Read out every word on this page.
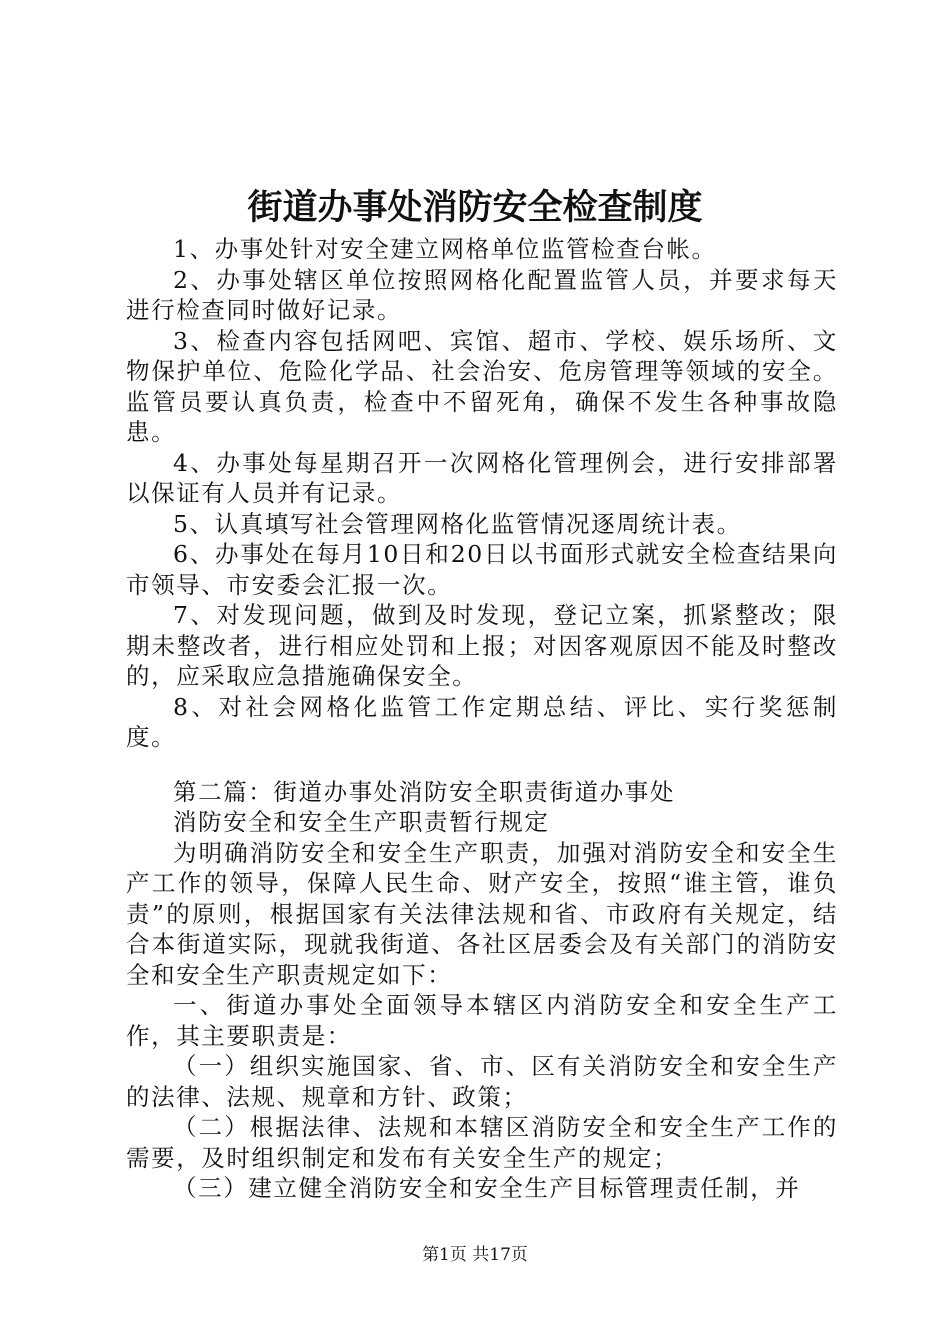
街道办事处消防安全检查制度

1、办事处针对安全建立网格单位监管检查台帐。

2、办事处辖区单位按照网格化配置监管人员，并要求每天进行检查同时做好记录。

3、检查内容包括网吧、宾馆、超市、学校、娱乐场所、文物保护单位、危险化学品、社会治安、危房管理等领域的安全。监管员要认真负责，检查中不留死角，确保不发生各种事故隐患。

4、办事处每星期召开一次网格化管理例会，进行安排部署以保证有人员并有记录。

5、认真填写社会管理网格化监管情况逐周统计表。

6、办事处在每月10日和20日以书面形式就安全检查结果向市领导、市安委会汇报一次。

7、对发现问题，做到及时发现，登记立案，抓紧整改；限期未整改者，进行相应处罚和上报；对因客观原因不能及时整改的，应采取应急措施确保安全。

8、对社会网格化监管工作定期总结、评比、实行奖惩制度。

第二篇：街道办事处消防安全职责街道办事处

消防安全和安全生产职责暂行规定

为明确消防安全和安全生产职责，加强对消防安全和安全生产工作的领导，保障人民生命、财产安全，按照“谁主管，谁负责”的原则，根据国家有关法律法规和省、市政府有关规定，结合本街道实际，现就我街道、各社区居委会及有关部门的消防安全和安全生产职责规定如下：

一、街道办事处全面领导本辖区内消防安全和安全生产工作，其主要职责是：

（一）组织实施国家、省、市、区有关消防安全和安全生产的法律、法规、规章和方针、政策；

（二）根据法律、法规和本辖区消防安全和安全生产工作的需要，及时组织制定和发布有关安全生产的规定；

（三）建立健全消防安全和安全生产目标管理责任制，并

第1页 共17页
